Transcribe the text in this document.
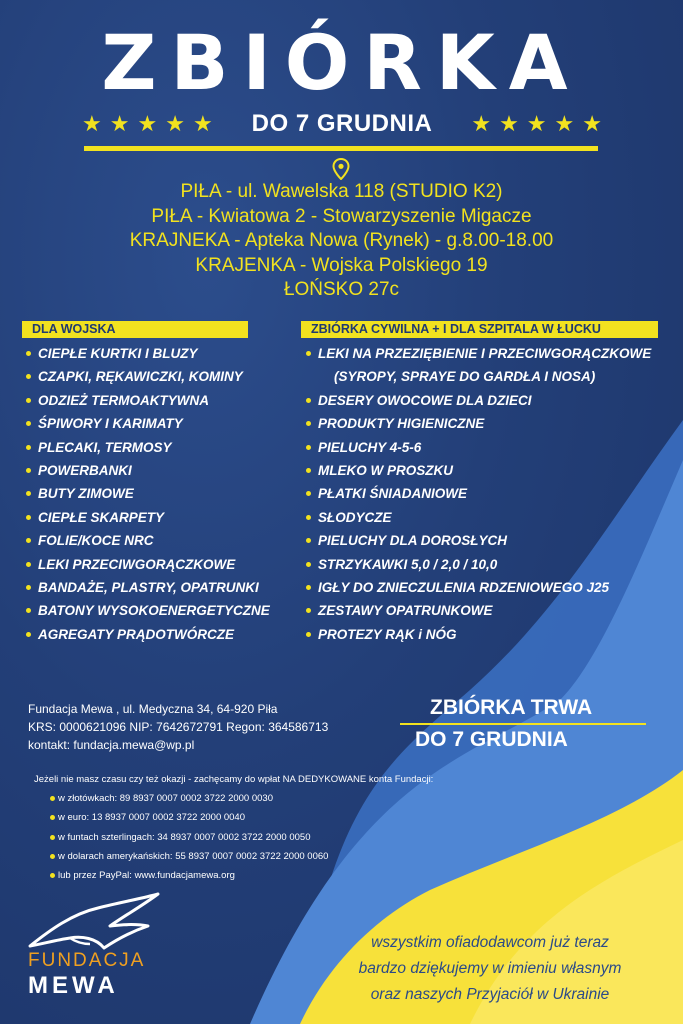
ZBIÓRKA
★ ★ ★ ★ ★ DO 7 GRUDNIA ★ ★ ★ ★ ★
PIŁA - ul. Wawelska 118 (STUDIO K2)
PIŁA - Kwiatowa 2 - Stowarzyszenie Migacze
KRAJNEKA - Apteka Nowa (Rynek) - g.8.00-18.00
KRAJENKA - Wojska Polskiego 19
ŁOŃSKO 27c
DLA WOJSKA
CIEPŁE KURTKI I BLUZY
CZAPKI, RĘKAWICZKI, KOMINY
ODZIEŻ TERMOAKTYWNA
ŚPIWORY I KARIMATY
PLECAKI, TERMOSY
POWERBANKI
BUTY ZIMOWE
CIEPŁE SKARPETY
FOLIE/KOCE NRC
LEKI PRZECIWGORĄCZKOWE
BANDAŻE, PLASTRY, OPATRUNKI
BATONY WYSOKOENERGETYCZNE
AGREGATY PRĄDOTWÓRCZE
ZBIÓRKA CYWILNA + I DLA SZPITALA W ŁUCKU
LEKI NA PRZEZIĘBIENIE I PRZECIWGORĄCZKOWE
(SYROPY, SPRAYE DO GARDŁA I NOSA)
DESERY OWOCOWE DLA DZIECI
PRODUKTY HIGIENICZNE
PIELUCHY 4-5-6
MLEKO W PROSZKU
PŁATKI ŚNIADANIOWE
SŁODYCZE
PIELUCHY DLA DOROSŁYCH
STRZYKAWKI 5,0 / 2,0 / 10,0
IGŁY DO ZNIECZULENIA RDZENIOWEGO J25
ZESTAWY OPATRUNKOWE
PROTEZY RĄK i NÓG
Fundacja Mewa , ul. Medyczna 34, 64-920 Piła
KRS: 0000621096 NIP: 7642672791 Regon: 364586713
kontakt: fundacja.mewa@wp.pl
ZBIÓRKA TRWA
DO 7 GRUDNIA
Jeżeli nie masz czasu czy też okazji - zachęcamy do wpłat NA DEDYKOWANE konta Fundacji:
w złotówkach: 89 8937 0007 0002 3722 2000 0030
w euro: 13 8937 0007 0002 3722 2000 0040
w funtach szterlingach: 34 8937 0007 0002 3722 2000 0050
w dolarach amerykańskich: 55 8937 0007 0002 3722 2000 0060
lub przez PayPal: www.fundacjamewa.org
FUNDACJA
MEWA
wszystkim ofiadodawcom już teraz
bardzo dziękujemy w imieniu własnym
oraz naszych Przyjaciół w Ukrainie
